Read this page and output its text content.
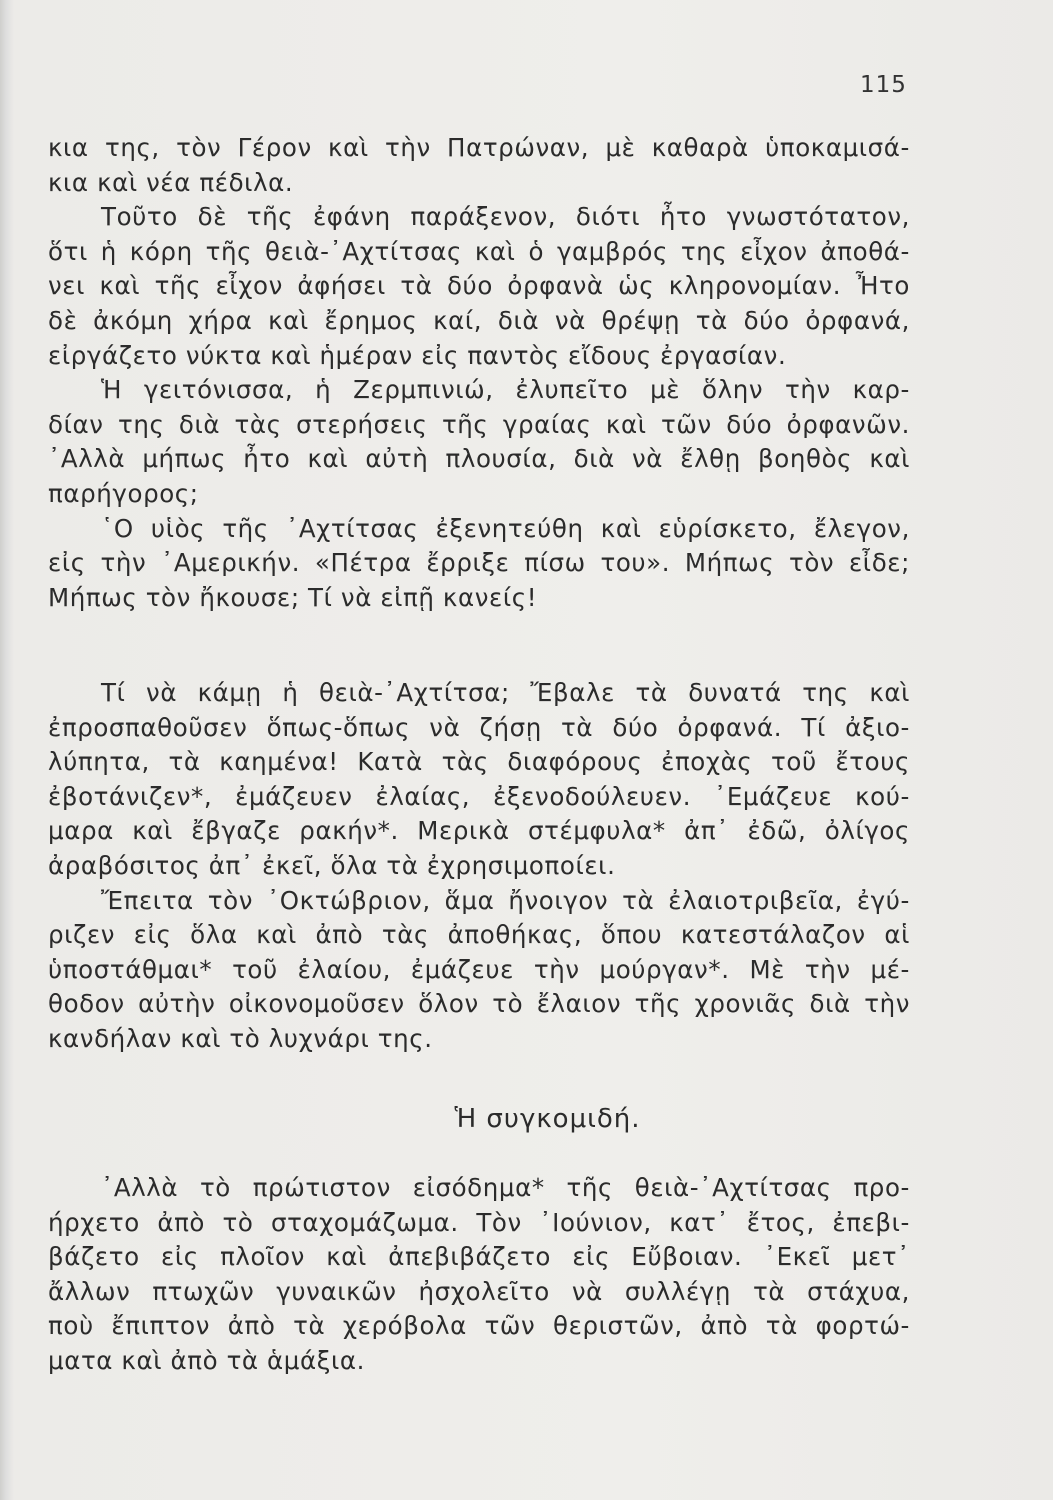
115
κια της, τὸν Γέρον καὶ τὴν Πατρώναν, μὲ καθαρὰ ὑποκαμισά-
κια καὶ νέα πέδιλα.
Τοῦτο δὲ τῆς ἐφάνη παράξενον, διότι ἦτο γνωστότατον,
ὅτι ἡ κόρη τῆς θειὰ-᾿Αχτίτσας καὶ ὁ γαμβρός της εἶχον ἀποθά-
νει καὶ τῆς εἶχον ἀφήσει τὰ δύο ὀρφανὰ ὡς κληρονομίαν. Ἦτο
δὲ ἀκόμη χήρα καὶ ἔρημος καί, διὰ νὰ θρέψῃ τὰ δύο ὀρφανά,
εἰργάζετο νύκτα καὶ ἡμέραν εἰς παντὸς εἴδους ἐργασίαν.
Ἡ γειτόνισσα, ἡ Ζερμπινιώ, ἐλυπεῖτο μὲ ὅλην τὴν καρ-
δίαν της διὰ τὰς στερήσεις τῆς γραίας καὶ τῶν δύο ὀρφανῶν.
᾿Αλλὰ μήπως ἦτο καὶ αὐτὴ πλουσία, διὰ νὰ ἔλθῃ βοηθὸς καὶ
παρήγορος;
῾Ο υἱὸς τῆς ᾿Αχτίτσας ἐξενητεύθη καὶ εὑρίσκετο, ἔλεγον,
εἰς τὴν ᾿Αμερικήν. «Πέτρα ἔρριξε πίσω του». Μήπως τὸν εἶδε;
Μήπως τὸν ἤκουσε; Τί νὰ εἰπῇ κανείς!
Τί νὰ κάμῃ ἡ θειὰ-᾿Αχτίτσα; Ἔβαλε τὰ δυνατά της καὶ
ἐπροσπαθοῦσεν ὅπως-ὅπως νὰ ζήσῃ τὰ δύο ὀρφανά. Τί ἀξιο-
λύπητα, τὰ καημένα! Κατὰ τὰς διαφόρους ἐποχὰς τοῦ ἔτους
ἐβοτάνιζεν*, ἐμάζευεν ἐλαίας, ἐξενοδούλευεν. ᾿Εμάζευε κού-
μαρα καὶ ἔβγαζε ρακήν*. Μερικὰ στέμφυλα* ἀπ᾿ ἐδῶ, ὀλίγος
ἀραβόσιτος ἀπ᾿ ἐκεῖ, ὅλα τὰ ἐχρησιμοποίει.
Ἔπειτα τὸν ᾿Οκτώβριον, ἅμα ἤνοιγον τὰ ἐλαιοτριβεῖα, ἐγύ-
ριζεν εἰς ὅλα καὶ ἀπὸ τὰς ἀποθήκας, ὅπου κατεστάλαζον αἱ
ὑποστάθμαι* τοῦ ἐλαίου, ἐμάζευε τὴν μούργαν*. Μὲ τὴν μέ-
θοδον αὐτὴν οἰκονομοῦσεν ὅλον τὸ ἔλαιον τῆς χρονιᾶς διὰ τὴν
κανδήλαν καὶ τὸ λυχνάρι της.
Ἡ συγκομιδή.
᾿Αλλὰ τὸ πρώτιστον εἰσόδημα* τῆς θειὰ-᾿Αχτίτσας προ-
ήρχετο ἀπὸ τὸ σταχομάζωμα. Τὸν ᾿Ιούνιον, κατ᾿ ἔτος, ἐπεβι-
βάζετο εἰς πλοῖον καὶ ἀπεβιβάζετο εἰς Εὔβοιαν. ᾿Εκεῖ μετ᾿
ἄλλων πτωχῶν γυναικῶν ἠσχολεῖτο νὰ συλλέγῃ τὰ στάχυα,
ποὺ ἔπιπτον ἀπὸ τὰ χερόβολα τῶν θεριστῶν, ἀπὸ τὰ φορτώ-
ματα καὶ ἀπὸ τὰ ἁμάξια.
